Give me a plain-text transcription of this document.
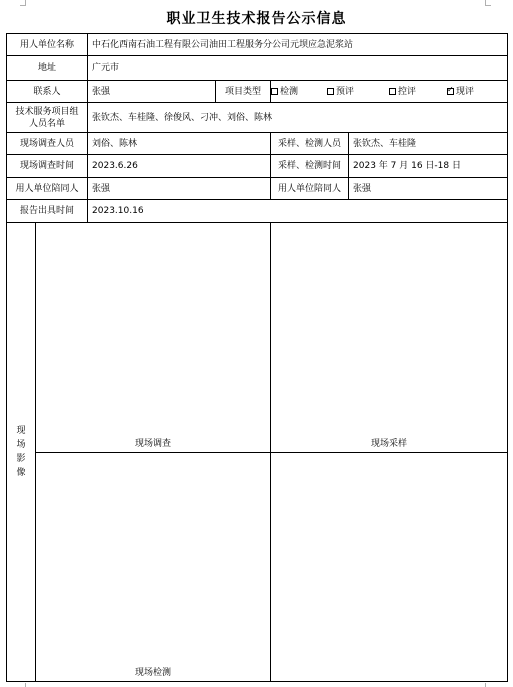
职业卫生技术报告公示信息
用人单位名称		中石化西南石油工程有限公司油田工程服务分公司元坝应急泥浆站			
地址		广元市			
联系人		张强	项目类型	检测 预评 控评 ✓ 现评
技术服务项目组人员名单		张钦杰、车桂隆、徐俊风、刁冲、刘俗、陈林			
现场调查人员		刘俗、陈林		采样、检测人员	张钦杰、车桂隆
现场调查时间		2023.6.26		采样、检测时间	2023 年 7 月 16 日-18 日
用人单位陪同人		张强		用人单位陪同人	张强
报告出具时间		2023.10.16			
现场影像	现场调查			现场采样	

	现场检测				
